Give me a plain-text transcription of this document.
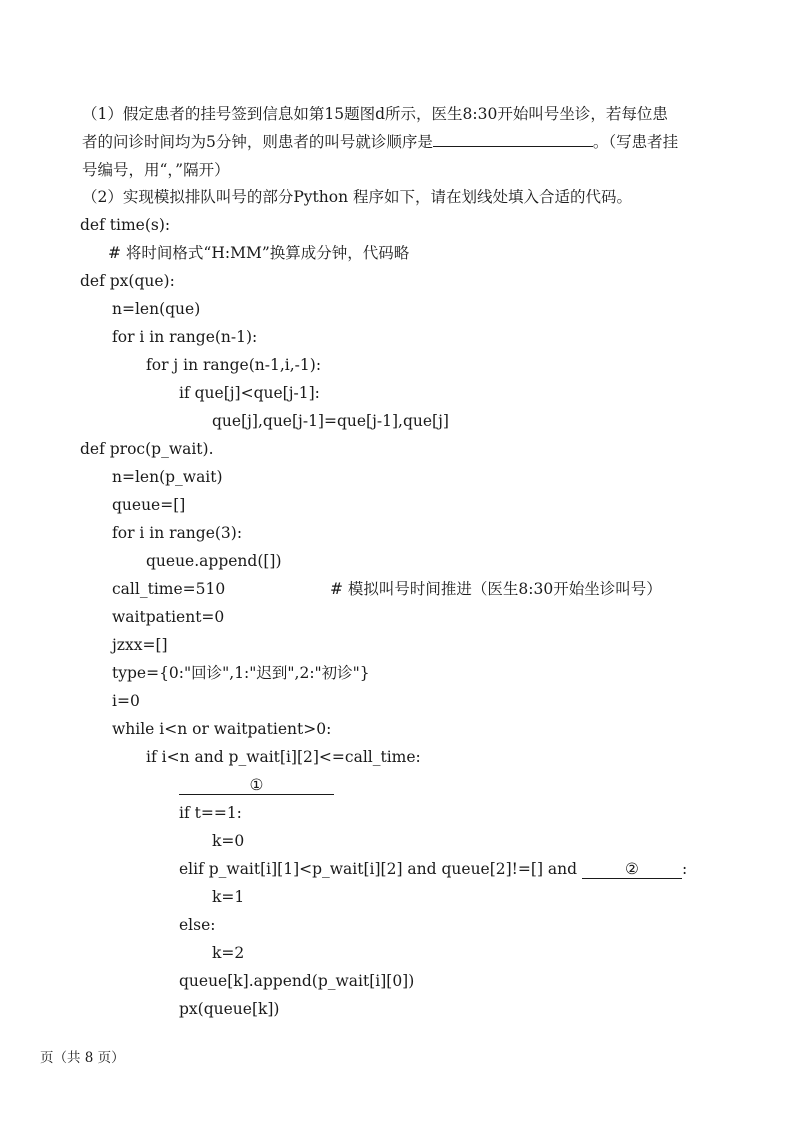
（1）假定患者的挂号签到信息如第15题图d所示，医生8:30开始叫号坐诊，若每位患
者的问诊时间均为5分钟，则患者的叫号就诊顺序是	。（写患者挂
号编号，用“，”隔开）
（2）实现模拟排队叫号的部分Python 程序如下，请在划线处填入合适的代码。
def time(s):
# 将时间格式“H:MM”换算成分钟，代码略
def px(que):
n=len(que)
for i in range(n-1):
for j in range(n-1,i,-1):
if que[j]<que[j-1]:
que[j],que[j-1]=que[j-1],que[j]
def proc(p_wait).
n=len(p_wait)
queue=[]
for i in range(3):
queue.append([])
call_time=510	# 模拟叫号时间推进（医生8:30开始坐诊叫号）
waitpatient=0
jzxx=[]
type={0:"回诊",1:"迟到",2:"初诊"}
i=0
while i<n or waitpatient>0:
if i<n and p_wait[i][2]<=call_time:
①
if t==1:
k=0
elif p_wait[i][1]<p_wait[i][2] and queue[2]!=[] and	②	:
k=1
else:
k=2
queue[k].append(p_wait[i][0])
px(queue[k])
页（共 8 页）
